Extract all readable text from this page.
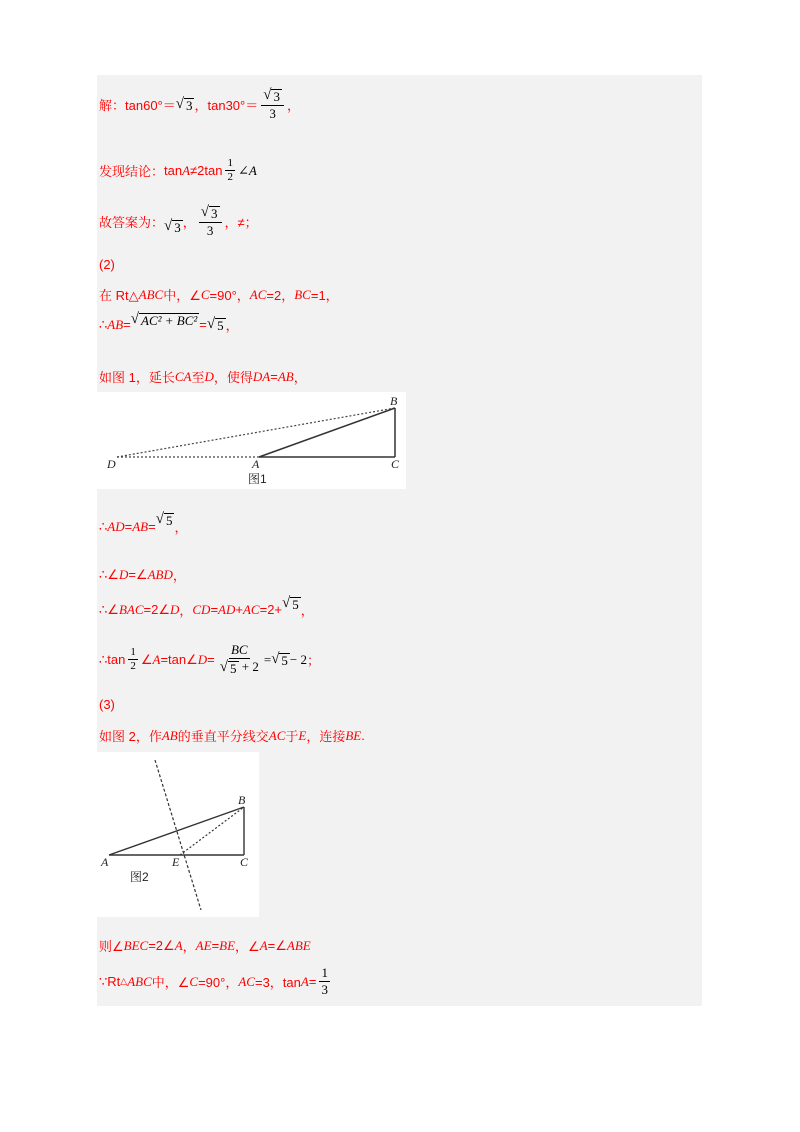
解： tan60°＝ √ 3 ， $\tan 30^\circ= \frac{√ 3}{3}$ ，
发现结论： $\tan A \ne 2\tan \frac{1}{2}$ ∠A
故答案为： √ 3 ， $\frac{√ 3}{3}$ ，≠；
(2)
在 Rt△ ABC 中，∠ C =90°， AC =2， BC =1，
∴ AB = √ AC² + BC² = √ 5 ，
如图 1，延长 CA 至 D ，使得 DA = AB ，
B
D	A	C
图1
∴ AD = AB = √ 5 ，
∴∠ D =∠ ABD ，
∴∠ BAC =2∠ D ， CD = AD + AC =2+ √ 5 ，
∴tan $\frac{1}{2}$ ∠ A =tan∠ $D = \frac{BC}{√ 5 + 2}$ = √ 5 − 2 ；
(3)
如图 2，作 AB 的垂直平分线交 AC 于 E ，连接 BE .
B
A	E	C
图2
则∠ BEC =2∠ A ， AE = BE ，∠ A =∠ ABE
∵Rt △ ABC 中，∠ C =90°， AC =3，$\tan A = \frac{1}{3}$
